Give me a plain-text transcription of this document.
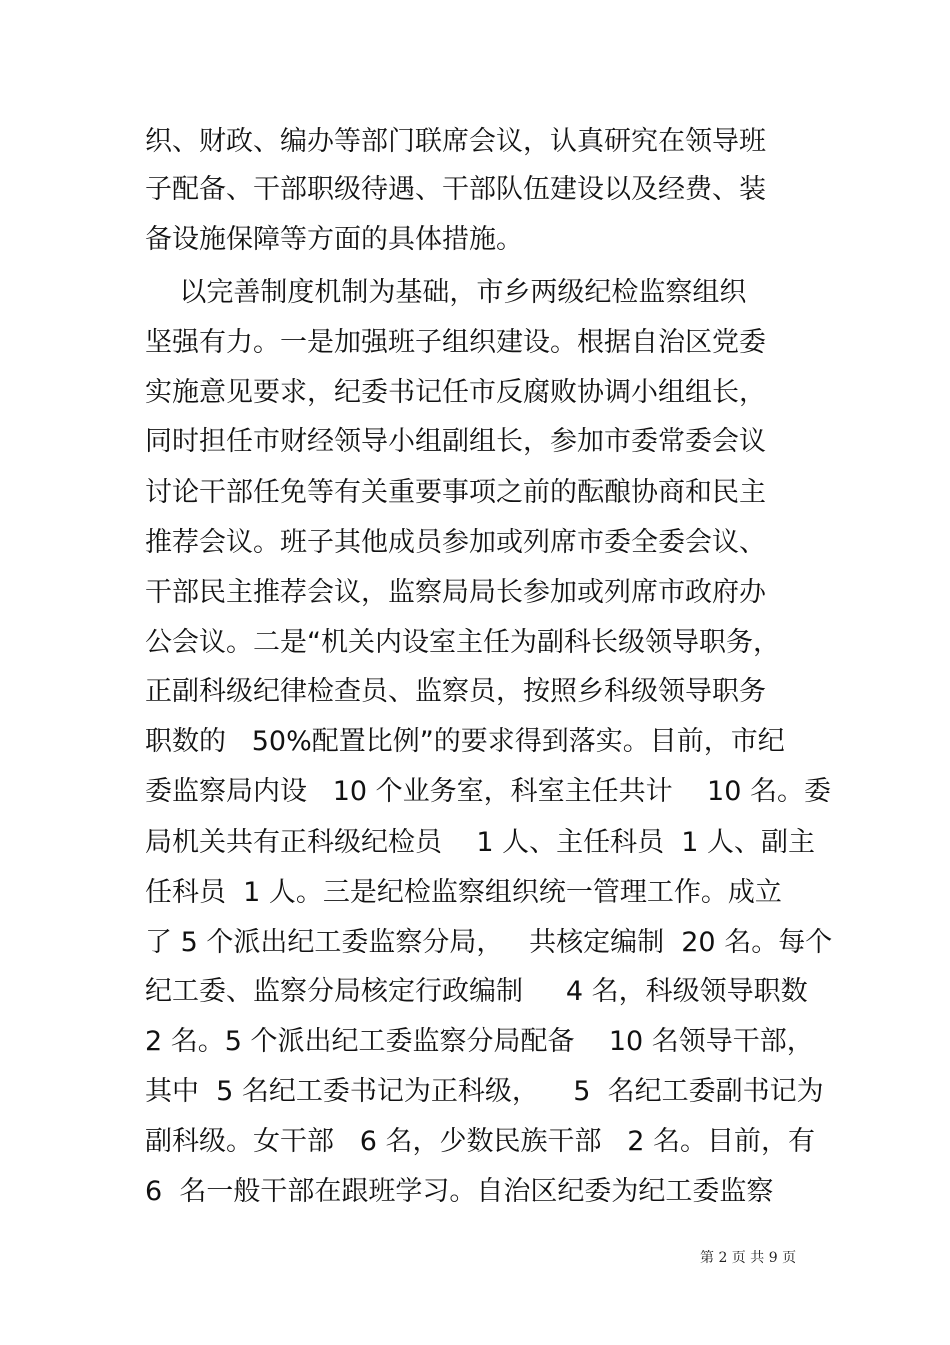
织、财政、编办等部门联席会议，认真研究在领导班
子配备、干部职级待遇、干部队伍建设以及经费、装
备设施保障等方面的具体措施。
以完善制度机制为基础，市乡两级纪检监察组织
坚强有力。一是加强班子组织建设。根据自治区党委
实施意见要求，纪委书记任市反腐败协调小组组长，
同时担任市财经领导小组副组长，参加市委常委会议
讨论干部任免等有关重要事项之前的酝酿协商和民主
推荐会议。班子其他成员参加或列席市委全委会议、
干部民主推荐会议，监察局局长参加或列席市政府办
公会议。二是“机关内设室主任为副科长级领导职务，
正副科级纪律检查员、监察员，按照乡科级领导职务
职数的   50%配置比例”的要求得到落实。目前，市纪
委监察局内设   10 个业务室，科室主任共计    10 名。委
局机关共有正科级纪检员    1 人、主任科员  1 人、副主
任科员  1 人。三是纪检监察组织统一管理工作。成立
了 5 个派出纪工委监察分局，   共核定编制  20 名。每个
纪工委、监察分局核定行政编制     4 名，科级领导职数
2 名。5 个派出纪工委监察分局配备    10 名领导干部，
其中  5 名纪工委书记为正科级，    5  名纪工委副书记为
副科级。女干部   6 名，少数民族干部   2 名。目前，有
6  名一般干部在跟班学习。自治区纪委为纪工委监察
第 2 页 共 9 页
